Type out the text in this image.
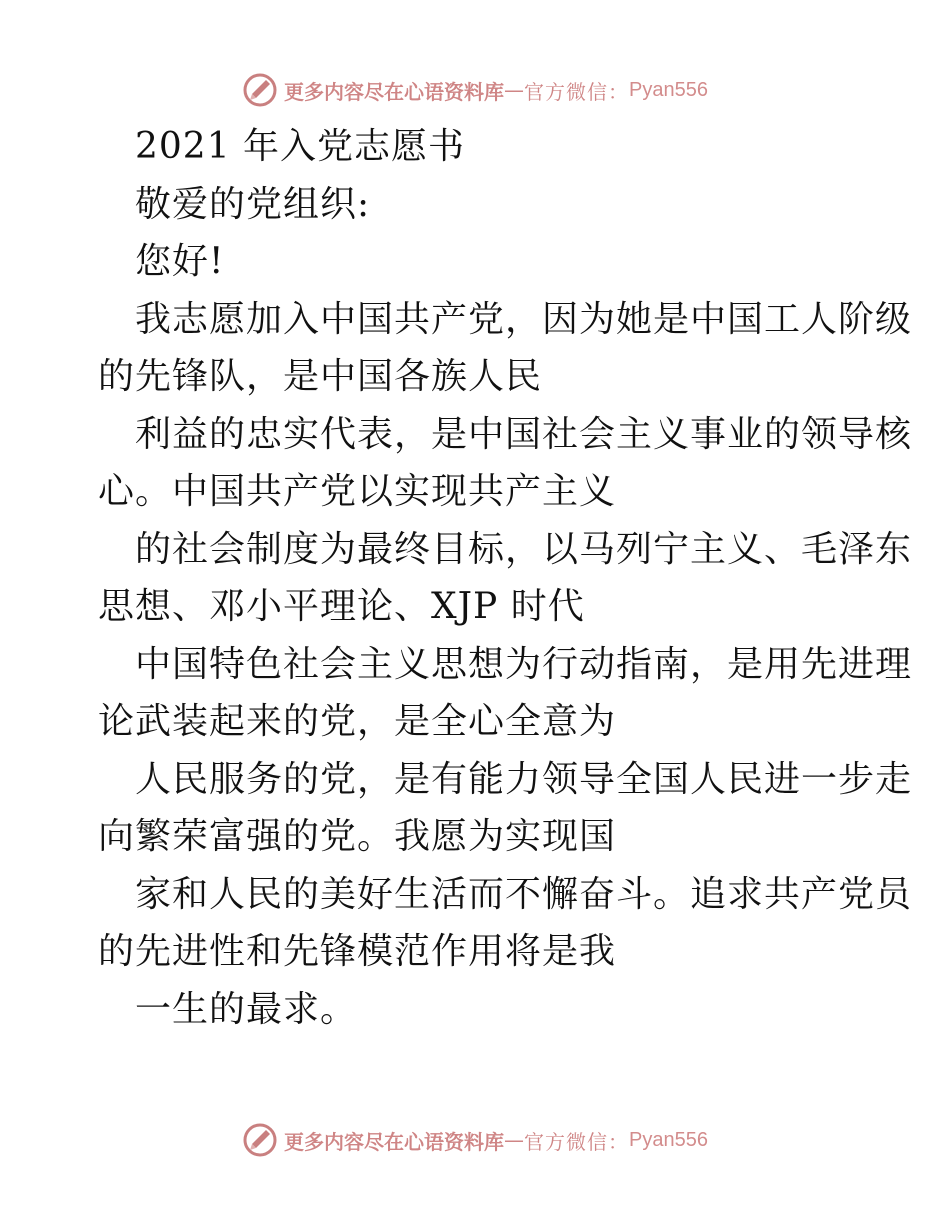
更多内容尽在心语资料库 — 官方微信： Pyan556
2021 年入党志愿书
敬爱的党组织:
您好!
我志愿加入中国共产党，因为她是中国工人阶级
的先锋队，是中国各族人民
利益的忠实代表，是中国社会主义事业的领导核
心。中国共产党以实现共产主义
的社会制度为最终目标，以马列宁主义、毛泽东
思想、邓小平理论、XJP 时代
中国特色社会主义思想为行动指南，是用先进理
论武装起来的党，是全心全意为
人民服务的党，是有能力领导全国人民进一步走
向繁荣富强的党。我愿为实现国
家和人民的美好生活而不懈奋斗。追求共产党员
的先进性和先锋模范作用将是我
一生的最求。
更多内容尽在心语资料库 — 官方微信： Pyan556
